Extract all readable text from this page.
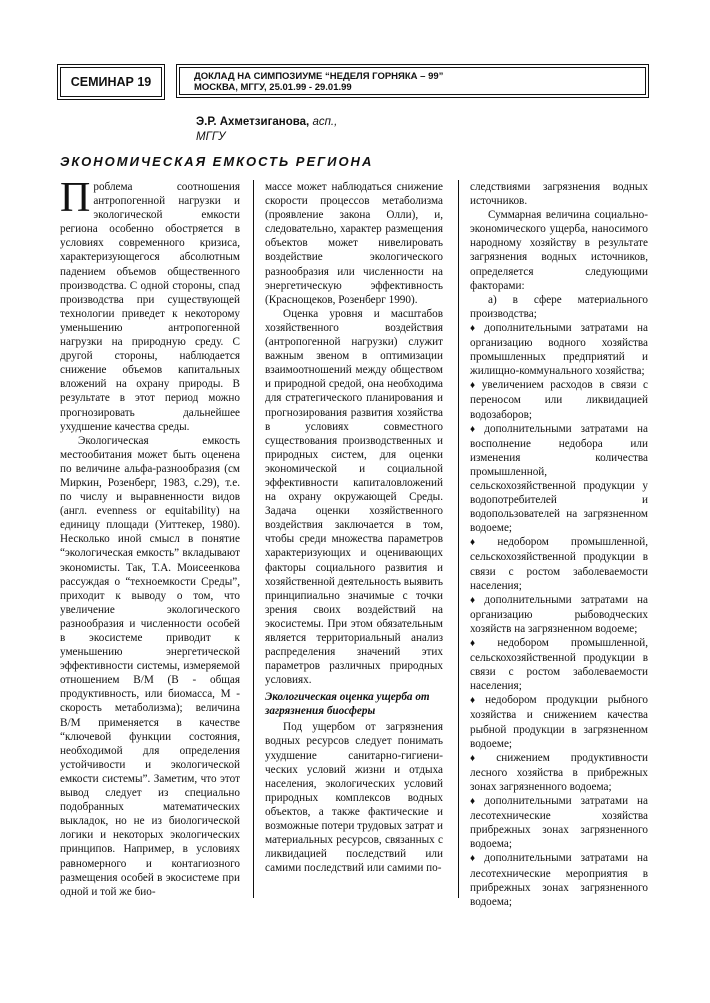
СЕМИНАР 19	ДОКЛАД НА СИМПОЗИУМЕ “НЕДЕЛЯ ГОРНЯКА – 99”
МОСКВА, МГГУ, 25.01.99 - 29.01.99
Э.Р. Ахметзиганова, асп.,
МГГУ
ЭКОНОМИЧЕСКАЯ ЕМКОСТЬ РЕГИОНА

Проблема соотношения антропогенной нагрузки и экологической емкости региона особенно обостряется в условиях современного кризиса, характеризующегося абсолютным падением объемов общественного производства. С одной стороны, спад производства при существующей технологии приведет к некоторому уменьшению антропогенной нагрузки на природную среду. С другой стороны, наблюдается снижение объемов капитальных вложений на охрану природы. В результате в этот период можно прогнозировать дальнейшее ухудшение качества среды.

Экологическая емкость местообитания может быть оценена по величине альфа-разнообразия (см Миркин, Розенберг, 1983, с.29), т.е. по числу и выравненности видов (англ. evenness or equitability) на единицу площади (Уиттекер, 1980). Несколько иной смысл в понятие “экологическая емкость” вкладывают экономисты. Так, Т.А. Моисеенкова рассуждая о “техноемкости Среды”, приходит к выводу о том, что увеличение экологического разнообразия и численности особей в экосистеме приводит к уменьшению энергетической эффективности системы, измеряемой отношением B/M (B - общая продуктивность, или биомасса, M - скорость метаболизма); величина B/M применяется в качестве “ключевой функции состояния, необходимой для определения устойчивости и экологической емкости системы”. Заметим, что этот вывод следует из специально подобранных математических выкладок, но не из биологической логики и некоторых экологических принципов. Например, в условиях равномерного и контагиозного размещения особей в экосистеме при одной и той же био-

массе может наблюдаться снижение скорости процессов метаболизма (проявление закона Олли), и, следовательно, характер размещения объектов может нивелировать воздействие экологического разнообразия или численности на энергетическую эффективность (Краснощеков, Розенберг 1990).

Оценка уровня и масштабов хозяйственного воздействия (антропогенной нагрузки) служит важным звеном в оптимизации взаимоотношений между обществом и природной средой, она необходима для стратегического планирования и прогнозирования развития хозяйства в условиях совместного существования производственных и природных систем, для оценки экономической и социальной эффективности капиталовложений на охрану окружающей Среды. Задача оценки хозяйственного воздействия заключается в том, чтобы среди множества параметров характеризующих и оценивающих факторы социального развития и хозяйственной деятельность выявить принципиально значимые с точки зрения своих воздействий на экосистемы. При этом обязательным является территориальный анализ распределения значений этих параметров различных природных условиях.

Экологическая оценка ущерба от загрязнения биосферы

Под ущербом от загрязнения водных ресурсов следует понимать ухудшение санитарно-гигиени-ческих условий жизни и отдыха населения, экологических условий природных комплексов водных объектов, а также фактические и возможные потери трудовых затрат и материальных ресурсов, связанных с ликвидацией последствий или самими последствий или самими по-

следствиями загрязнения водных источников.

Суммарная величина социально-экономического ущерба, наносимого народному хозяйству в результате загрязнения водных источников, определяется следующими факторами:

а) в сфере материального производства;

♦ дополнительными затратами на организацию водного хозяйства промышленных предприятий и жилищно-коммунального хозяйства;

♦ увеличением расходов в связи с переносом или ликвидацией водозаборов;

♦ дополнительными затратами на восполнение недобора или изменения количества промышленной, сельскохозяйственной продукции у водопотребителей и водопользователей на загрязненном водоеме;

♦ недобором промышленной, сельскохозяйственной продукции в связи с ростом заболеваемости населения;

♦ дополнительными затратами на организацию рыбоводческих хозяйств на загрязненном водоеме;

♦ недобором промышленной, сельскохозяйственной продукции в связи с ростом заболеваемости населения;

♦ недобором продукции рыбного хозяйства и снижением качества рыбной продукции в загрязненном водоеме;

♦ снижением продуктивности лесного хозяйства в прибрежных зонах загрязненного водоема;

♦ дополнительными затратами на лесотехнические хозяйства прибрежных зонах загрязненного водоема;

♦ дополнительными затратами на лесотехнические мероприятия в прибрежных зонах загрязненного водоема;
